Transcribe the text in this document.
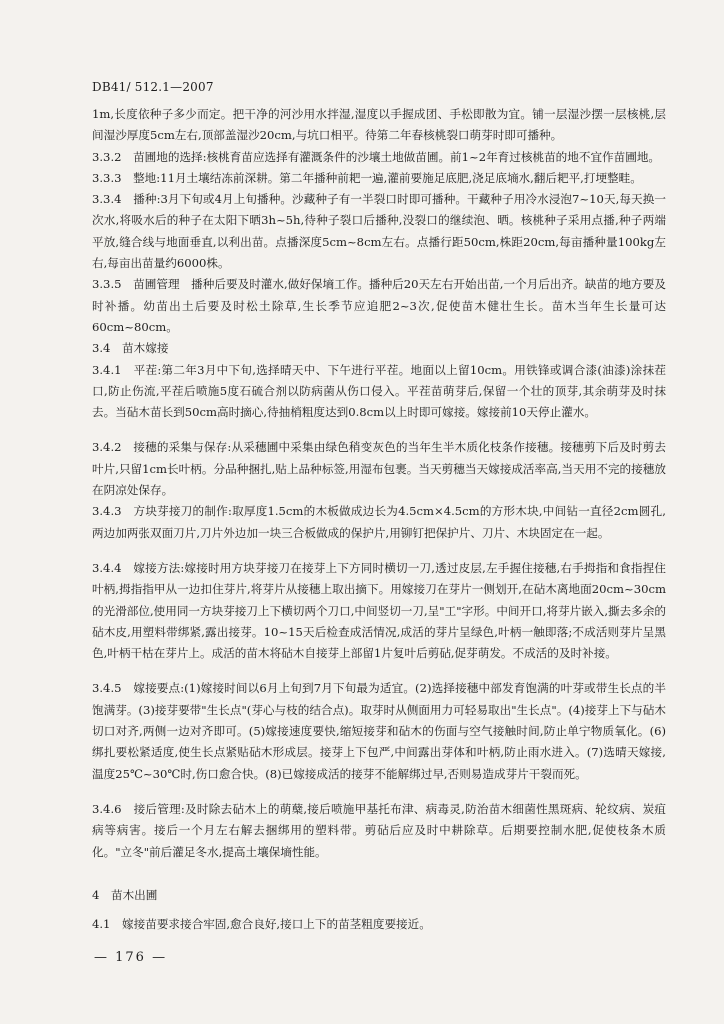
DB41/ 512.1—2007

1m,长度依种子多少而定。把干净的河沙用水拌湿,湿度以手握成团、手松即散为宜。铺一层湿沙摆一层核桃,层间湿沙厚度5cm左右,顶部盖湿沙20cm,与坑口相平。待第二年春核桃裂口萌芽时即可播种。

3.3.2　苗圃地的选择:核桃育苗应选择有灌溉条件的沙壤土地做苗圃。前1~2年育过核桃苗的地不宜作苗圃地。

3.3.3　整地:11月土壤结冻前深耕。第二年播种前耙一遍,灌前要施足底肥,浇足底墒水,翻后耙平,打埂整畦。

3.3.4　播种:3月下旬或4月上旬播种。沙藏种子有一半裂口时即可播种。干藏种子用冷水浸泡7~10天,每天换一次水,将吸水后的种子在太阳下晒3h~5h,待种子裂口后播种,没裂口的继续泡、晒。核桃种子采用点播,种子两端平放,缝合线与地面垂直,以利出苗。点播深度5cm~8cm左右。点播行距50cm,株距20cm,每亩播种量100kg左右,每亩出苗量约6000株。

3.3.5　苗圃管理　播种后要及时灌水,做好保墒工作。播种后20天左右开始出苗,一个月后出齐。缺苗的地方要及时补播。幼苗出土后要及时松土除草,生长季节应追肥2~3次,促使苗木健壮生长。苗木当年生长量可达60cm~80cm。

3.4　苗木嫁接

3.4.1　平茬:第二年3月中下旬,选择晴天中、下午进行平茬。地面以上留10cm。用铁锋或调合漆(油漆)涂抹茬口,防止伤流,平茬后喷施5度石硫合剂以防病菌从伤口侵入。平茬苗萌芽后,保留一个壮的顶芽,其余萌芽及时抹去。当砧木苗长到50cm高时摘心,待抽梢粗度达到0.8cm以上时即可嫁接。嫁接前10天停止灌水。

3.4.2　接穗的采集与保存:从采穗圃中采集由绿色稍变灰色的当年生半木质化枝条作接穗。接穗剪下后及时剪去叶片,只留1cm长叶柄。分品种捆扎,贴上品种标签,用湿布包裹。当天剪穗当天嫁接成活率高,当天用不完的接穗放在阴凉处保存。

3.4.3　方块芽接刀的制作:取厚度1.5cm的木板做成边长为4.5cm×4.5cm的方形木块,中间钻一直径2cm圆孔,两边加两张双面刀片,刀片外边加一块三合板做成的保护片,用铆钉把保护片、刀片、木块固定在一起。

3.4.4　嫁接方法:嫁接时用方块芽接刀在接芽上下方同时横切一刀,透过皮层,左手握住接穗,右手拇指和食指捏住叶柄,拇指指甲从一边扣住芽片,将芽片从接穗上取出摘下。用嫁接刀在芽片一侧划开,在砧木离地面20cm~30cm的光滑部位,使用同一方块芽接刀上下横切两个刀口,中间竖切一刀,呈"工"字形。中间开口,将芽片嵌入,撕去多余的砧木皮,用塑料带绑紧,露出接芽。10~15天后检查成活情况,成活的芽片呈绿色,叶柄一触即落;不成活则芽片呈黑色,叶柄干枯在芽片上。成活的苗木将砧木自接芽上部留1片复叶后剪砧,促芽萌发。不成活的及时补接。

3.4.5　嫁接要点:(1)嫁接时间以6月上旬到7月下旬最为适宜。(2)选择接穗中部发育饱满的叶芽或带生长点的半饱满芽。(3)接芽要带"生长点"(芽心与枝的结合点)。取芽时从侧面用力可轻易取出"生长点"。(4)接芽上下与砧木切口对齐,两侧一边对齐即可。(5)嫁接速度要快,缩短接芽和砧木的伤面与空气接触时间,防止单宁物质氧化。(6)绑扎要松紧适度,使生长点紧贴砧木形成层。接芽上下包严,中间露出芽体和叶柄,防止雨水进入。(7)选晴天嫁接,温度25℃~30℃时,伤口愈合快。(8)已嫁接成活的接芽不能解绑过早,否则易造成芽片干裂而死。

3.4.6　接后管理:及时除去砧木上的萌蘖,接后喷施甲基托布津、病毒灵,防治苗木细菌性黑斑病、轮纹病、炭疽病等病害。接后一个月左右解去捆绑用的塑料带。剪砧后应及时中耕除草。后期要控制水肥,促使枝条木质化。"立冬"前后灌足冬水,提高土壤保墒性能。

4　苗木出圃

4.1　嫁接苗要求接合牢固,愈合良好,接口上下的苗茎粗度要接近。

— 176 —
